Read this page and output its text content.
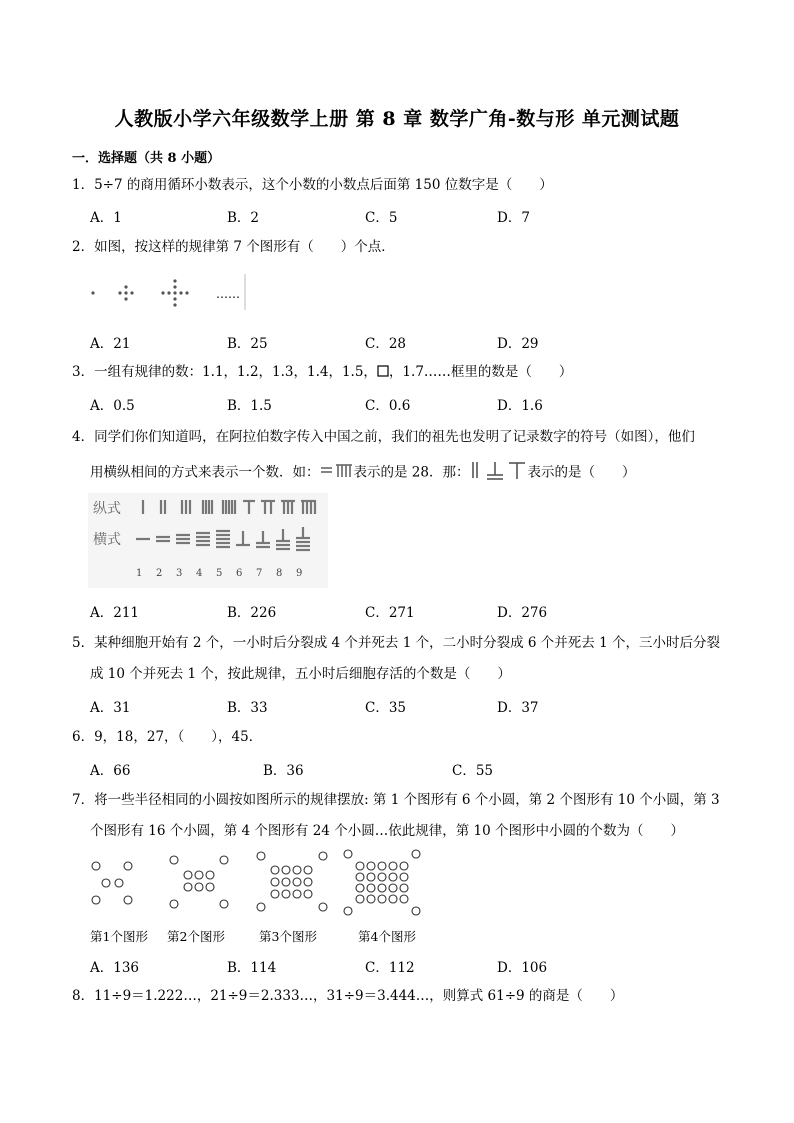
人教版小学六年级数学上册 第 8 章 数学广角-数与形 单元测试题
一．选择题（共 8 小题）
1．5÷7 的商用循环小数表示，这个小数的小数点后面第 150 位数字是（　　）
A．1	B．2	C．5	D．7
2．如图，按这样的规律第 7 个图形有（　　）个点．
……
A．21	B．25	C．28	D．29
3．一组有规律的数：1.1，1.2，1.3，1.4，1.5， ，1.7……框里的数是（　　）
A．0.5	B．1.5	C．0.6	D．1.6
4．同学们你们知道吗，在阿拉伯数字传入中国之前，我们的祖先也发明了记录数字的符号（如图），他们
用横纵相间的方式来表示一个数．如：	表示的是 28．那：	表示的是（　　）
纵式
横式
1 2 3 4 5 6 7 8 9
A．211	B．226	C．271	D．276
5．某种细胞开始有 2 个，一小时后分裂成 4 个并死去 1 个，二小时分裂成 6 个并死去 1 个，三小时后分裂
成 10 个并死去 1 个，按此规律，五小时后细胞存活的个数是（　　）
A．31	B．33	C．35	D．37
6．9，18，27，（　　），45．
A．66	B．36	C．55
7．将一些半径相同的小圆按如图所示的规律摆放: 第 1 个图形有 6 个小圆，第 2 个图形有 10 个小圆，第 3
个图形有 16 个小圆，第 4 个图形有 24 个小圆…依此规律，第 10 个图形中小圆的个数为（　　）
第1个图形 第2个图形	第3个图形	第4个图形
A．136	B．114	C．112	D．106
8．11÷9＝1.222…，21÷9＝2.333…，31÷9＝3.444…，则算式 61÷9 的商是（　　）
